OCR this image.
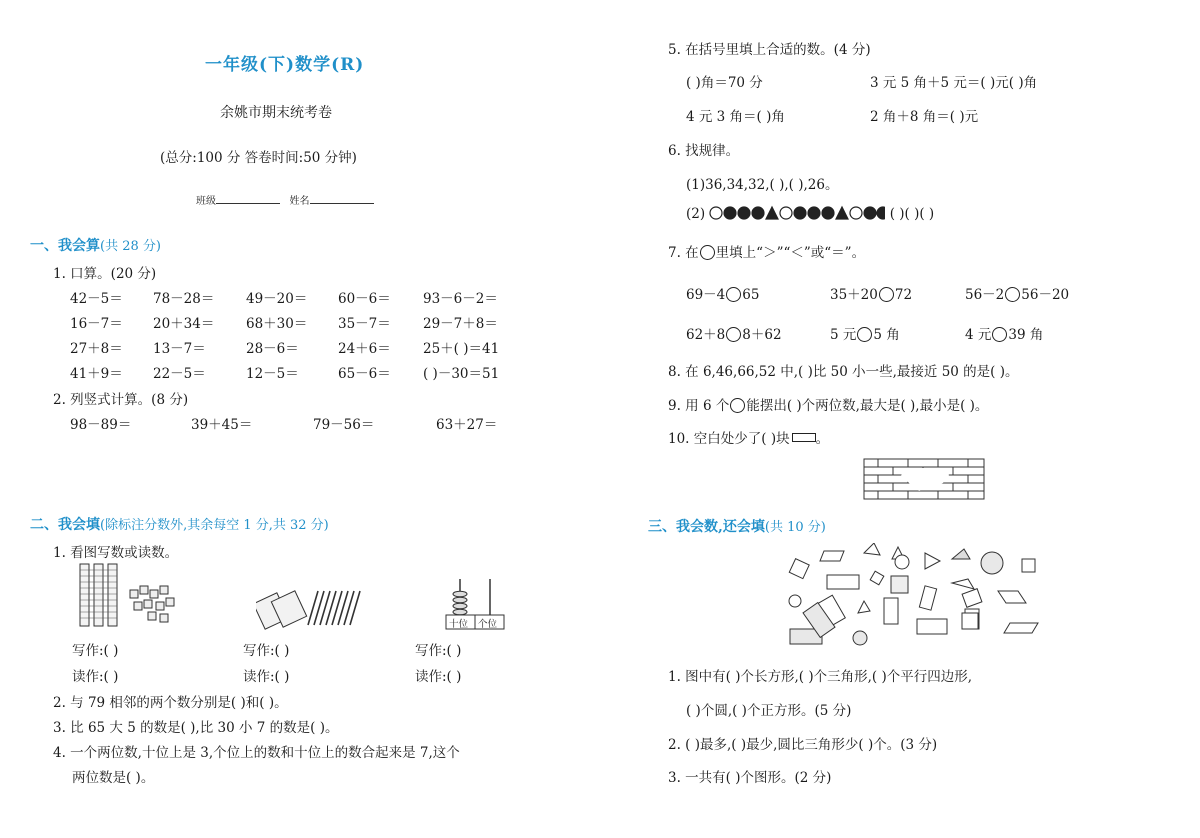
一年级(下)数学(R)
余姚市期末统考卷
(总分:100 分 答卷时间:50 分钟)
班级	姓名
一、我会算(共 28 分)
1. 口算。(20 分)
42－5＝ 78－28＝ 49－20＝ 60－6＝ 93－6－2＝
16－7＝ 20＋34＝ 68＋30＝ 35－7＝ 29－7＋8＝
27＋8＝ 13－7＝	28－6＝	24＋6＝ 25＋( )＝41
41＋9＝ 22－5＝	12－5＝	65－6＝ ( )－30＝51
2. 列竖式计算。(8 分)
98－89＝	39＋45＝	79－56＝	63＋27＝
二、我会填(除标注分数外,其余每空 1 分,共 32 分)
1. 看图写数或读数。
十位 个位
写作:( )	写作:( )	写作:( )
读作:( )	读作:( )	读作:( )
2. 与 79 相邻的两个数分别是( )和( )。
3. 比 65 大 5 的数是( ),比 30 小 7 的数是( )。
4. 一个两位数,十位上是 3,个位上的数和十位上的数合起来是 7,这个
两位数是( )。
5. 在括号里填上合适的数。(4 分)
( )角＝70 分	3 元 5 角＋5 元＝( )元( )角
4 元 3 角＝( )角	2 角＋8 角＝( )元
6. 找规律。
(1)36,34,32,( ),( ),26。
(2)	( )( )( )
7. 在 里填上“＞”“＜”或“＝”。
69－4 65	35＋20 72	56－2 56－20
62＋8 8＋62	5 元 5 角	4 元 39 角
8. 在 6,46,66,52 中,( )比 50 小一些,最接近 50 的是( )。
9. 用 6 个 能摆出( )个两位数,最大是( ),最小是( )。
10. 空白处少了( )块 。
三、我会数,还会填(共 10 分)
1. 图中有( )个长方形,( )个三角形,( )个平行四边形,
( )个圆,( )个正方形。(5 分)
2. ( )最多,( )最少,圆比三角形少( )个。(3 分)
3. 一共有( )个图形。(2 分)
